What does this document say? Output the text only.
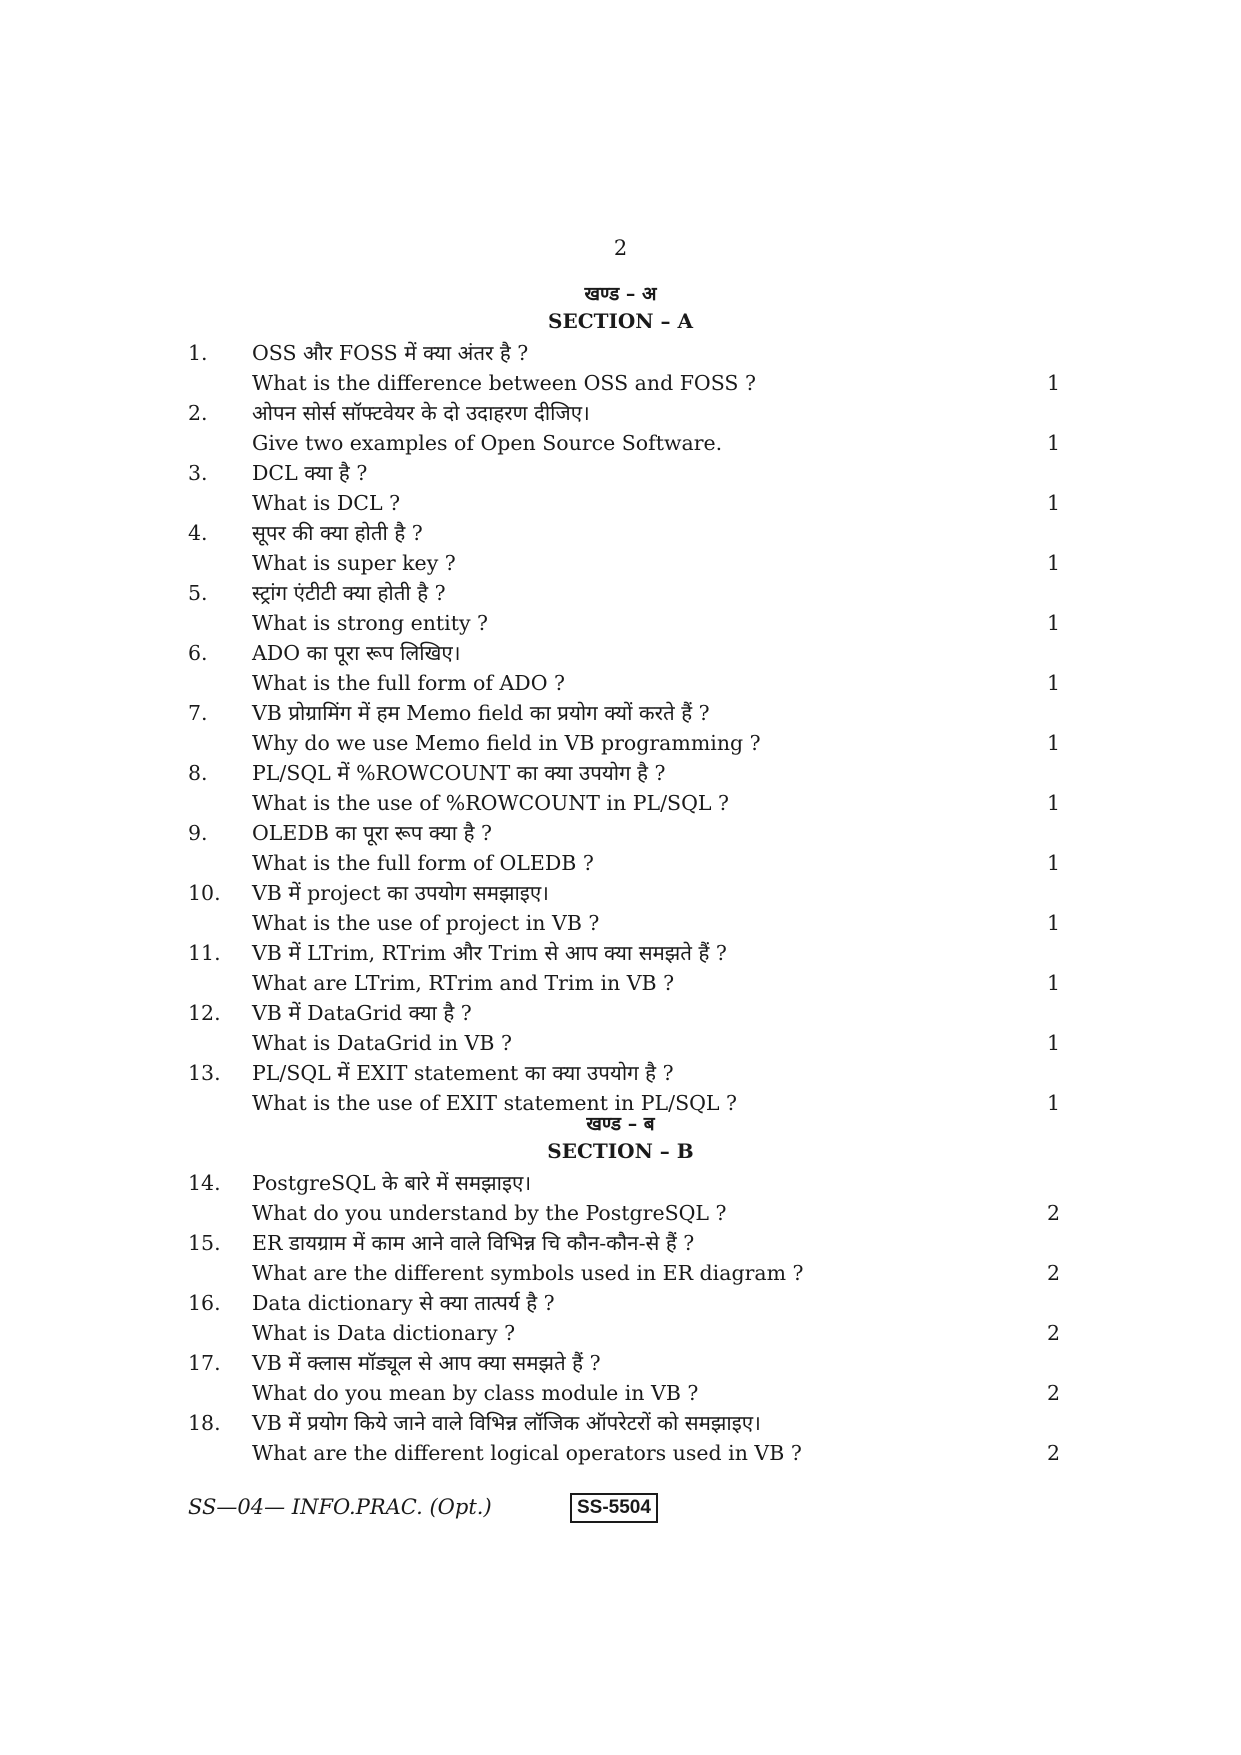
2
खण्ड – अ
SECTION – A
1. OSS और FOSS में क्या अंतर है ?
What is the difference between OSS and FOSS ?	1
2. ओपन सोर्स सॉफ्टवेयर के दो उदाहरण दीजिए।
Give two examples of Open Source Software.	1
3. DCL क्या है ?
What is DCL ?	1
4. सूपर की क्या होती है ?
What is super key ?	1
5. स्ट्रांग एंटीटी क्या होती है ?
What is strong entity ?	1
6. ADO का पूरा रूप लिखिए।
What is the full form of ADO ?	1
7. VB प्रोग्रामिंग में हम Memo field का प्रयोग क्यों करते हैं ?
Why do we use Memo field in VB programming ?	1
8. PL/SQL में %ROWCOUNT का क्या उपयोग है ?
What is the use of %ROWCOUNT in PL/SQL ?	1
9. OLEDB का पूरा रूप क्या है ?
What is the full form of OLEDB ?	1
10. VB में project का उपयोग समझाइए।
What is the use of project in VB ?	1
11. VB में LTrim, RTrim और Trim से आप क्या समझते हैं ?
What are LTrim, RTrim and Trim in VB ?	1
12. VB में DataGrid क्या है ?
What is DataGrid in VB ?	1
13. PL/SQL में EXIT statement का क्या उपयोग है ?
What is the use of EXIT statement in PL/SQL ?	1
खण्ड – ब
SECTION – B
14. PostgreSQL के बारे में समझाइए।
What do you understand by the PostgreSQL ?	2
15. ER डायग्राम में काम आने वाले विभिन्न चि कौन-कौन-से हैं ?
What are the different symbols used in ER diagram ?	2
16. Data dictionary से क्या तात्पर्य है ?
What is Data dictionary ?	2
17. VB में क्लास मॉड्यूल से आप क्या समझते हैं ?
What do you mean by class module in VB ?	2
18. VB में प्रयोग किये जाने वाले विभिन्न लॉजिक ऑपरेटरों को समझाइए।
What are the different logical operators used in VB ?	2
SS—04— INFO.PRAC. (Opt.)	SS-5504
